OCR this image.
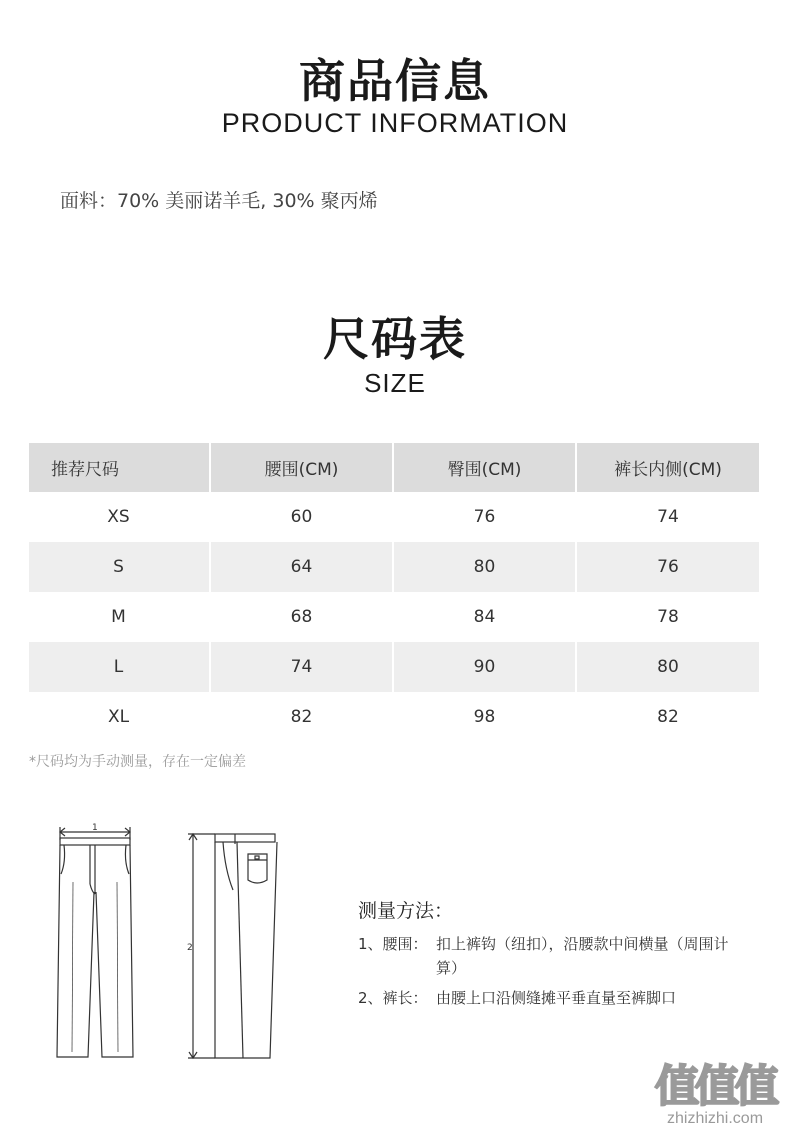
商品信息
PRODUCT INFORMATION
面料：70% 美丽诺羊毛, 30% 聚丙烯
尺码表
SIZE
推荐尺码	腰围(CM)	臀围(CM)	裤长内侧(CM)
XS	60	76	74
S	64	80	76
M	68	84	78
L	74	90	80
XL	82	98	82
*尺码均为手动测量，存在一定偏差
1
2
测量方法：
1、腰围： 扣上裤钩（纽扣），沿腰款中间横量（周围计算）
2、裤长： 由腰上口沿侧缝摊平垂直量至裤脚口
值值值
zhizhizhi.com
